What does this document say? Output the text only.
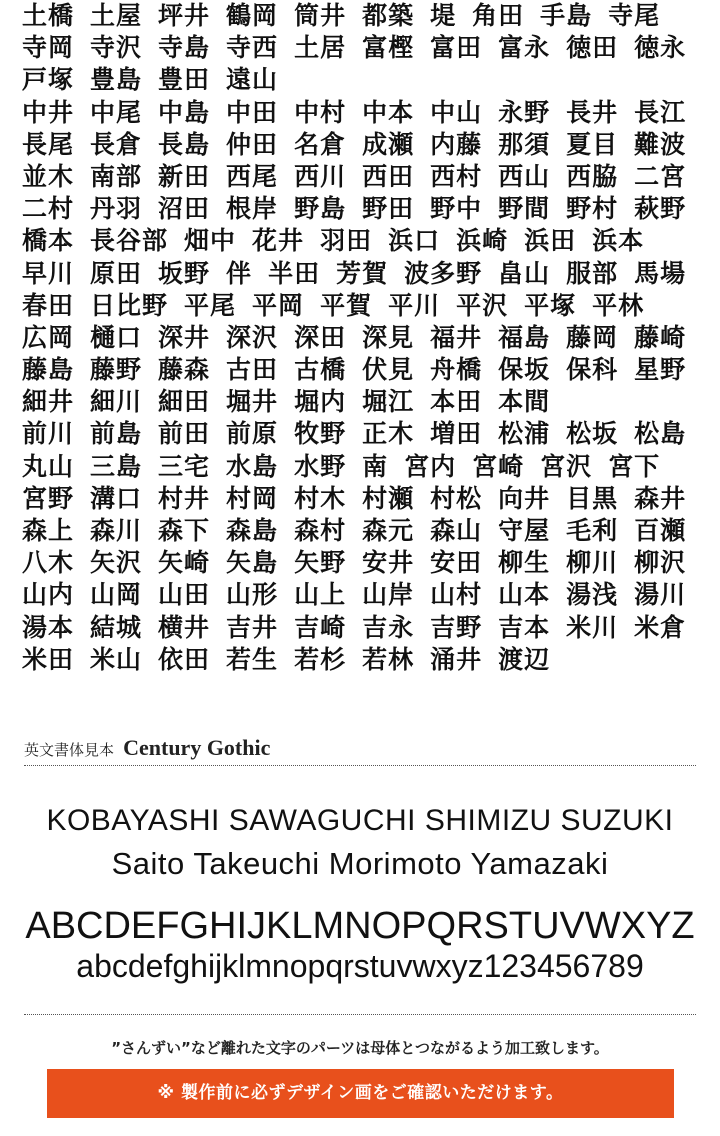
土橋 土屋 坪井 鶴岡 筒井 都築 堤 角田 手島 寺尾
寺岡 寺沢 寺島 寺西 土居 富樫 富田 富永 徳田 徳永
戸塚 豊島 豊田 遠山
中井 中尾 中島 中田 中村 中本 中山 永野 長井 長江
長尾 長倉 長島 仲田 名倉 成瀬 内藤 那須 夏目 難波
並木 南部 新田 西尾 西川 西田 西村 西山 西脇 二宮
二村 丹羽 沼田 根岸 野島 野田 野中 野間 野村 萩野
橋本 長谷部 畑中 花井 羽田 浜口 浜崎 浜田 浜本
早川 原田 坂野 伴 半田 芳賀 波多野 畠山 服部 馬場
春田 日比野 平尾 平岡 平賀 平川 平沢 平塚 平林
広岡 樋口 深井 深沢 深田 深見 福井 福島 藤岡 藤崎
藤島 藤野 藤森 古田 古橋 伏見 舟橋 保坂 保科 星野
細井 細川 細田 堀井 堀内 堀江 本田 本間
前川 前島 前田 前原 牧野 正木 増田 松浦 松坂 松島
丸山 三島 三宅 水島 水野 南 宮内 宮崎 宮沢 宮下
宮野 溝口 村井 村岡 村木 村瀬 村松 向井 目黒 森井
森上 森川 森下 森島 森村 森元 森山 守屋 毛利 百瀬
八木 矢沢 矢崎 矢島 矢野 安井 安田 柳生 柳川 柳沢
山内 山岡 山田 山形 山上 山岸 山村 山本 湯浅 湯川
湯本 結城 横井 吉井 吉崎 吉永 吉野 吉本 米川 米倉
米田 米山 依田 若生 若杉 若林 涌井 渡辺
英文書体見本 Century Gothic
KOBAYASHI SAWAGUCHI SHIMIZU SUZUKI
Saito Takeuchi Morimoto Yamazaki
ABCDEFGHIJKLMNOPQRSTUVWXYZ
abcdefghijklmnopqrstuvwxyz123456789
”さんずい”など離れた文字のパーツは母体とつながるよう加工致します。
※ 製作前に必ずデザイン画をご確認いただけます。
